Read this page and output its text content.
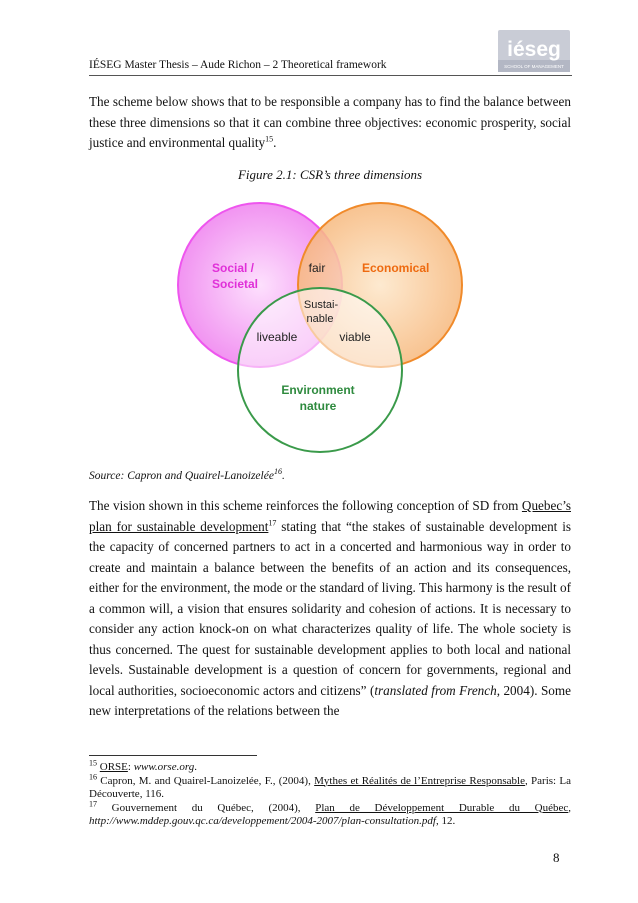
IÉSEG Master Thesis – Aude Richon – 2 Theoretical framework
iéseg
SCHOOL OF MANAGEMENT
The scheme below shows that to be responsible a company has to find the balance between these three dimensions so that it can combine three objectives: economic prosperity, social justice and environmental quality$^{15}$.
Figure 2.1: CSR’s three dimensions
Social /
Societal
Economical
Environment
nature
fair
liveable	viable
Sustai-
nable
Source: Capron and Quairel-Lanoizelée$^{16}$.
The vision shown in this scheme reinforces the following conception of SD from Quebec’s plan for sustainable development$^{17}$ stating that “the stakes of sustainable development is the capacity of concerned partners to act in a concerted and harmonious way in order to create and maintain a balance between the benefits of an action and its consequences, either for the environment, the mode or the standard of living. This harmony is the result of a common will, a vision that ensures solidarity and cohesion of actions. It is necessary to consider any action knock-on on what characterizes quality of life. The whole society is thus concerned. The quest for sustainable development applies to both local and national levels. Sustainable development is a question of concern for governments, regional and local authorities, socioeconomic actors and citizens” (translated from French, 2004). Some new interpretations of the relations between the
$^{15}$ ORSE: www.orse.org.
$^{16}$ Capron, M. and Quairel-Lanoizelée, F., (2004), Mythes et Réalités de l’Entreprise Responsable, Paris: La Découverte, 116.
$^{17}$ Gouvernement du Québec, (2004), Plan de Développement Durable du Québec,
http://www.mddep.gouv.qc.ca/developpement/2004-2007/plan-consultation.pdf, 12.
8
